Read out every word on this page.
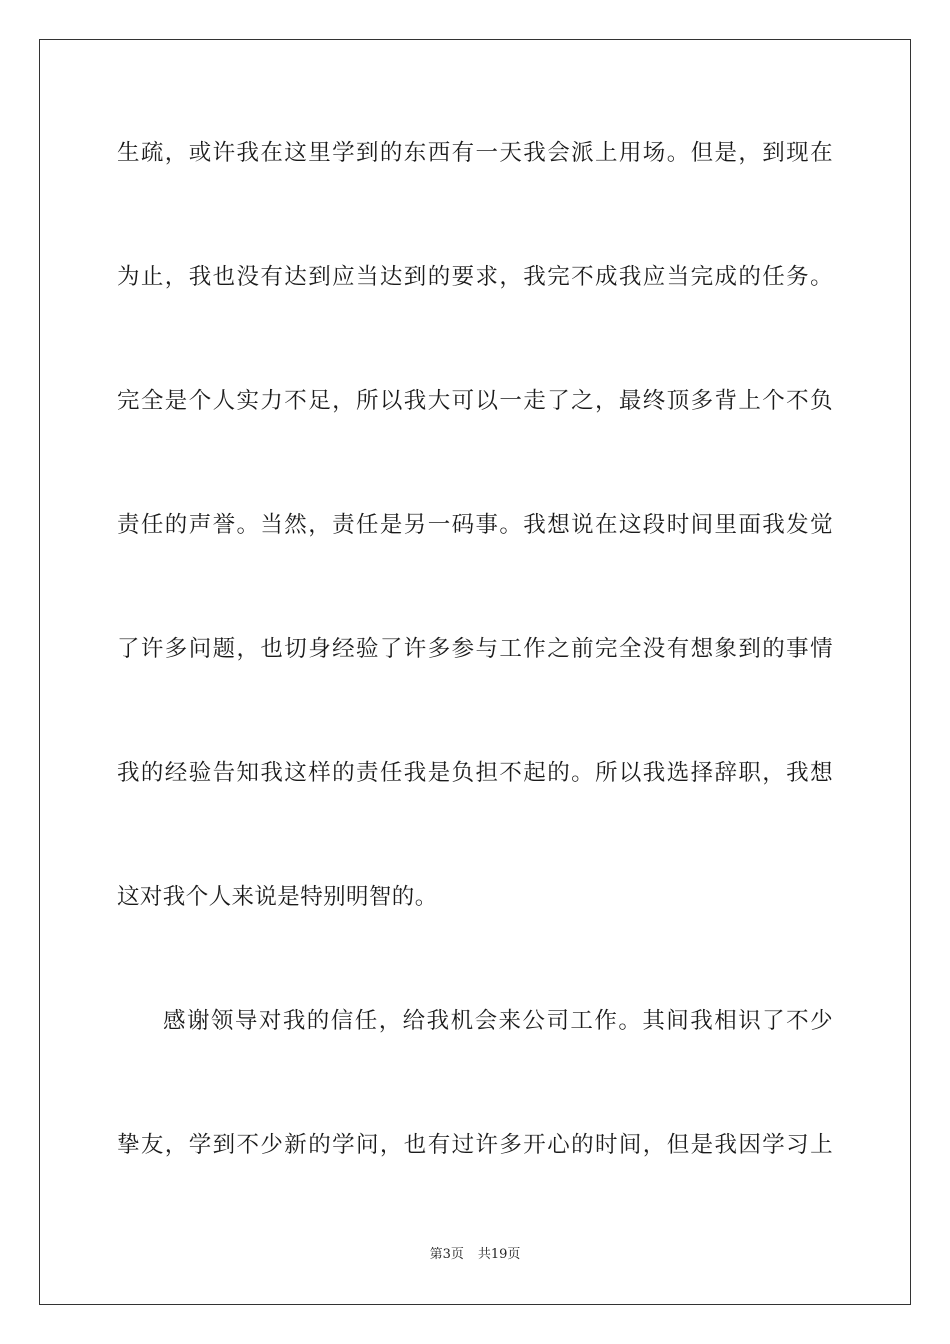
生疏，或许我在这里学到的东西有一天我会派上用场。但是，到现在
为止，我也没有达到应当达到的要求，我完不成我应当完成的任务。
完全是个人实力不足，所以我大可以一走了之，最终顶多背上个不负
责任的声誉。当然，责任是另一码事。我想说在这段时间里面我发觉
了许多问题，也切身经验了许多参与工作之前完全没有想象到的事情
我的经验告知我这样的责任我是负担不起的。所以我选择辞职，我想
这对我个人来说是特别明智的。
感谢领导对我的信任，给我机会来公司工作。其间我相识了不少
挚友，学到不少新的学问，也有过许多开心的时间，但是我因学习上
第3页 共19页
